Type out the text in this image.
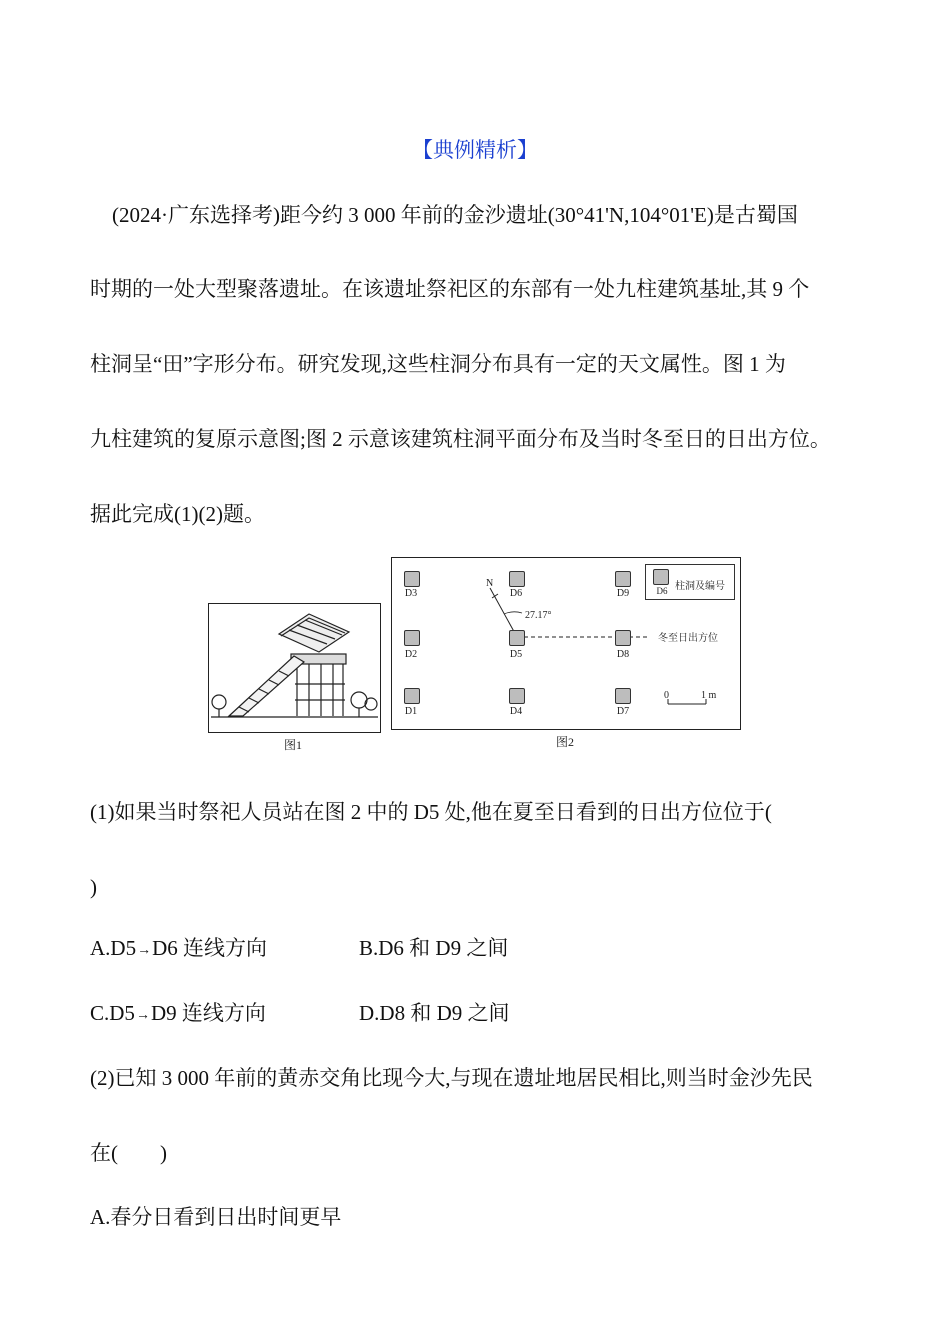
【典例精析】
(2024·广东选择考)距今约 3 000 年前的金沙遗址(30°41'N,104°01'E)是古蜀国
时期的一处大型聚落遗址。在该遗址祭祀区的东部有一处九柱建筑基址,其 9 个
柱洞呈“田”字形分布。研究发现,这些柱洞分布具有一定的天文属性。图 1 为
九柱建筑的复原示意图;图 2 示意该建筑柱洞平面分布及当时冬至日的日出方位。
据此完成(1)(2)题。
图1
D3	D6	D9
D2	D5	D8
D1	D4	D7
N
27.17°
冬至日出方位
D6 柱洞及编号
0	1 m
图2
(1)如果当时祭祀人员站在图 2 中的 D5 处,他在夏至日看到的日出方位位于(
)
A.D5→D6 连线方向	B.D6 和 D9 之间
C.D5→D9 连线方向	D.D8 和 D9 之间
(2)已知 3 000 年前的黄赤交角比现今大,与现在遗址地居民相比,则当时金沙先民
在(        )
A.春分日看到日出时间更早
